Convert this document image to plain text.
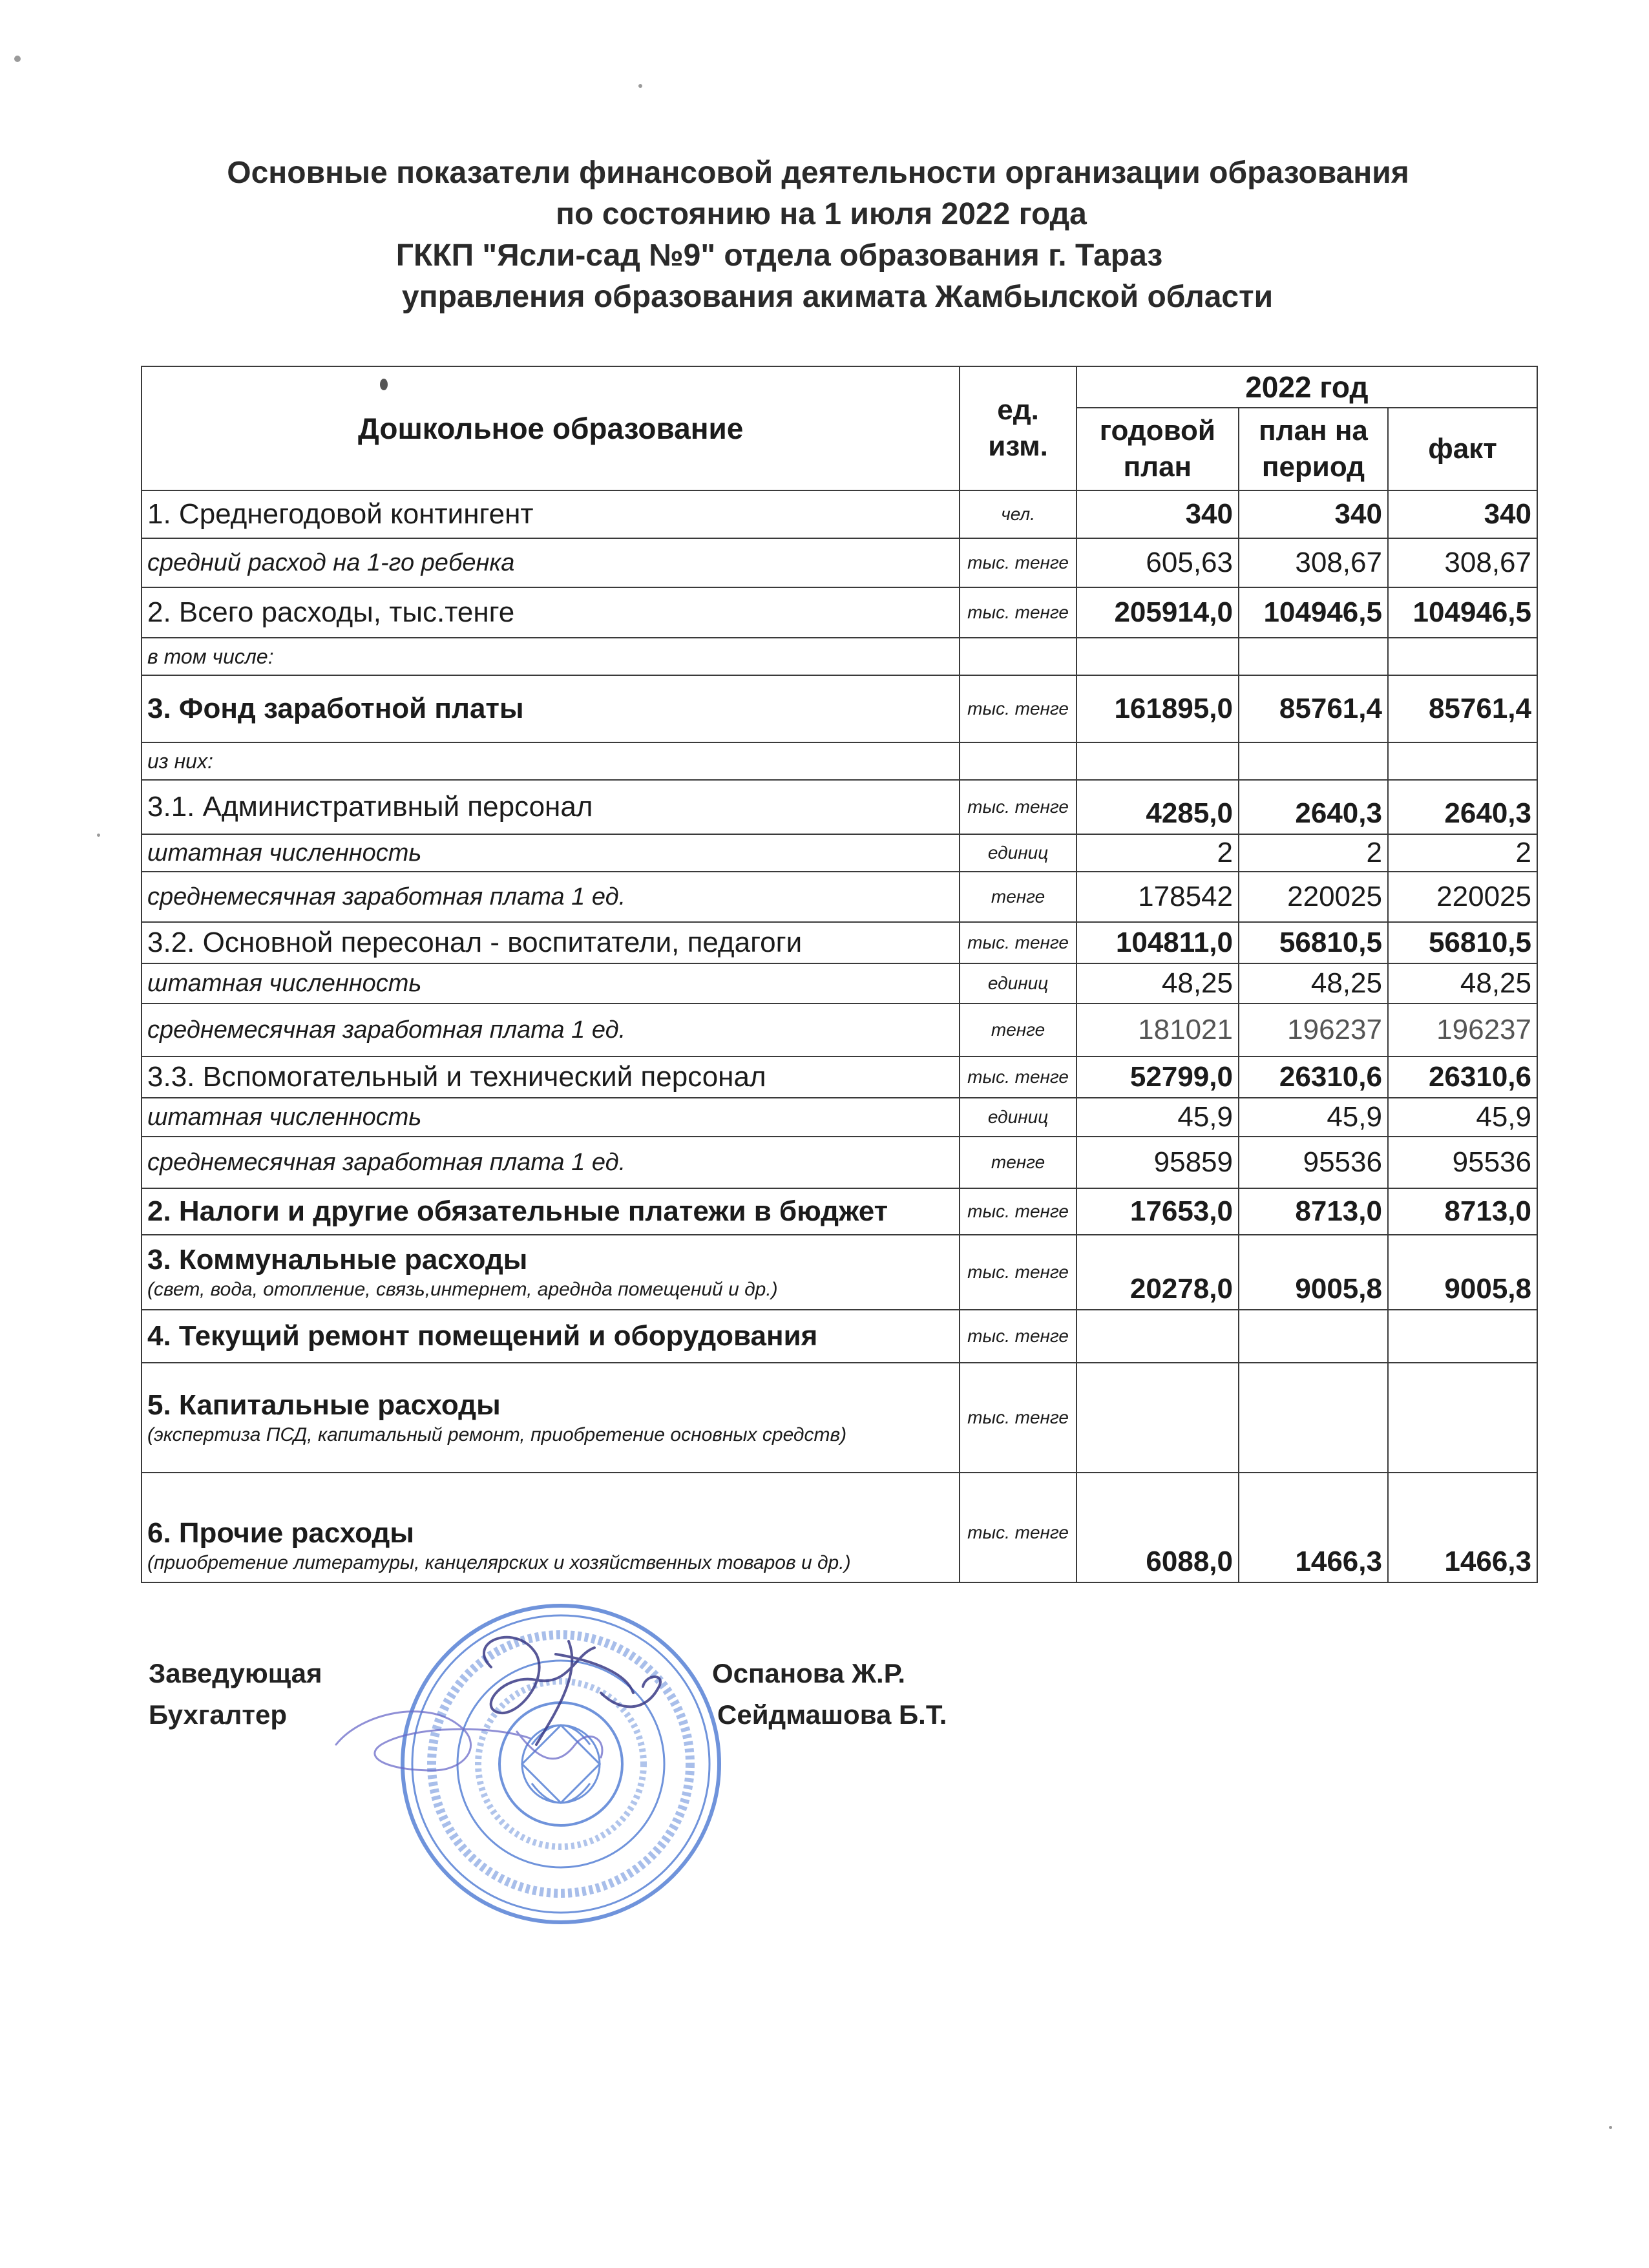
Основные показатели финансовой деятельности организации образования
по состоянию на 1 июля 2022 года
ГККП "Ясли-сад №9" отдела образования г. Тараз
управления образования акимата Жамбылской области
Дошкольное образование	ед. изм.	2022 год		
		годовой план	план на период	факт
1. Среднегодовой контингент	чел.	340	340	340
средний расход на 1-го ребенка	тыс. тенге	605,63	308,67	308,67
2. Всего расходы, тыс.тенге	тыс. тенге	205914,0	104946,5	104946,5
в том числе:				
3. Фонд заработной платы	тыс. тенге	161895,0	85761,4	85761,4
из них:				
3.1. Административный персонал	тыс. тенге	4285,0	2640,3	2640,3
штатная численность	единиц	2	2	2
среднемесячная заработная плата 1 ед.	тенге	178542	220025	220025
3.2. Основной пересонал - воспитатели, педагоги	тыс. тенге	104811,0	56810,5	56810,5
штатная численность	единиц	48,25	48,25	48,25
среднемесячная заработная плата 1 ед.	тенге	181021	196237	196237
3.3. Вспомогательный и технический персонал	тыс. тенге	52799,0	26310,6	26310,6
штатная численность	единиц	45,9	45,9	45,9
среднемесячная заработная плата 1 ед.	тенге	95859	95536	95536
2. Налоги и другие обязательные платежи в бюджет	тыс. тенге	17653,0	8713,0	8713,0
3. Коммунальные расходы
(свет, вода, отопление, связь,интернет, ареднда помещений и др.)	тыс. тенге	20278,0	9005,8	9005,8
4. Текущий ремонт помещений и оборудования	тыс. тенге			
5. Капитальные расходы
(экспертиза ПСД, капитальный ремонт, приобретение основных средств)	тыс. тенге			
6. Прочие расходы
(приобретение литературы, канцелярских и хозяйственных товаров и др.)	тыс. тенге	6088,0	1466,3	1466,3
Заведующая	Оспанова Ж.Р.
Бухгалтер	Сейдмашова Б.Т.
